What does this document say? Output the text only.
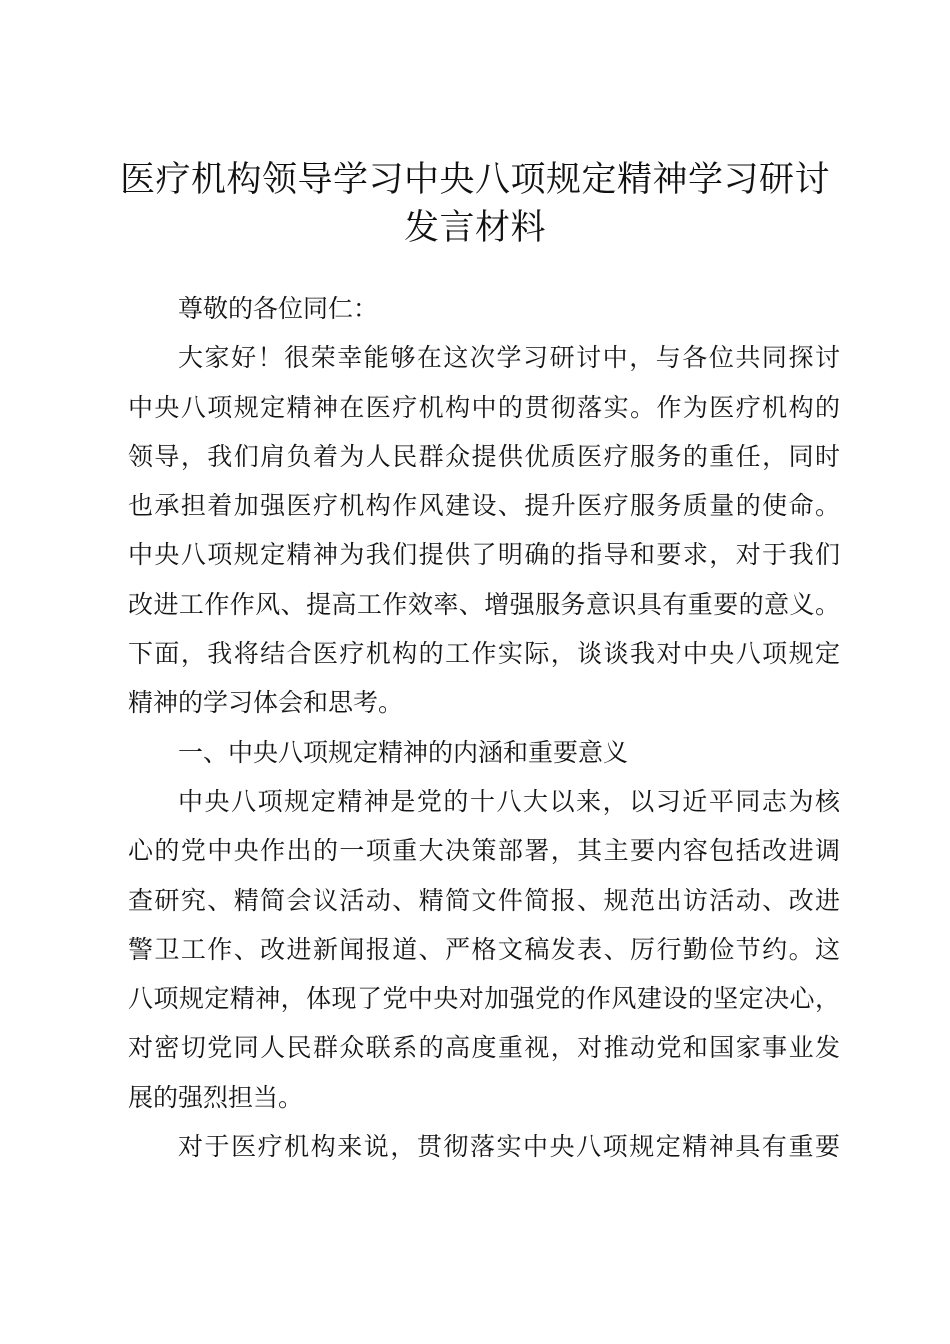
医疗机构领导学习中央八项规定精神学习研讨
发言材料
尊敬的各位同仁：
大家好！很荣幸能够在这次学习研讨中，与各位共同探讨
中央八项规定精神在医疗机构中的贯彻落实。作为医疗机构的
领导，我们肩负着为人民群众提供优质医疗服务的重任，同时
也承担着加强医疗机构作风建设、提升医疗服务质量的使命。
中央八项规定精神为我们提供了明确的指导和要求，对于我们
改进工作作风、提高工作效率、增强服务意识具有重要的意义。
下面，我将结合医疗机构的工作实际，谈谈我对中央八项规定
精神的学习体会和思考。
一、中央八项规定精神的内涵和重要意义
中央八项规定精神是党的十八大以来，以习近平同志为核
心的党中央作出的一项重大决策部署，其主要内容包括改进调
查研究、精简会议活动、精简文件简报、规范出访活动、改进
警卫工作、改进新闻报道、严格文稿发表、厉行勤俭节约。这
八项规定精神，体现了党中央对加强党的作风建设的坚定决心，
对密切党同人民群众联系的高度重视，对推动党和国家事业发
展的强烈担当。
对于医疗机构来说，贯彻落实中央八项规定精神具有重要
